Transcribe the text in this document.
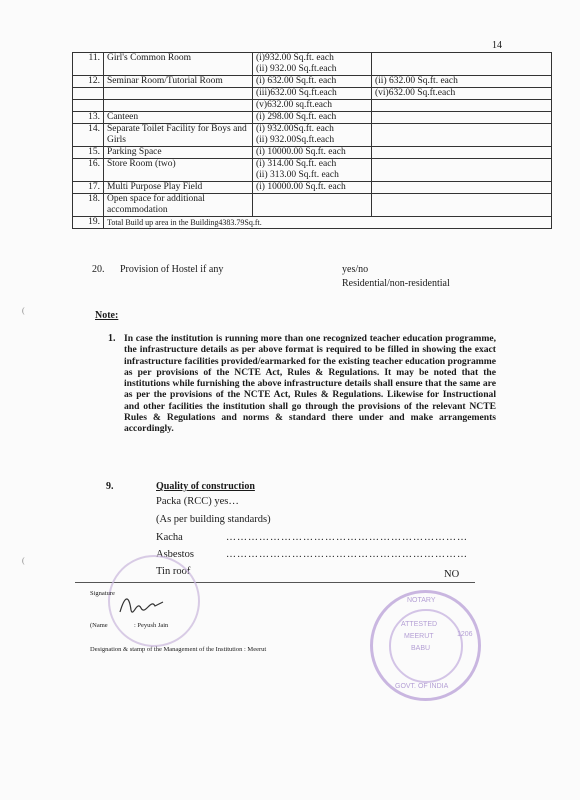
14
11.	Girl's Common Room	(i)932.00 Sq.ft. each
(ii) 932.00 Sq.ft.each	

12.	Seminar Room/Tutorial Room	(i) 632.00 Sq.ft. each	(ii) 632.00 Sq.ft. each

		(iii)632.00 Sq.ft.each	(vi)632.00 Sq.ft.each

		(v)632.00 sq.ft.each	

13.	Canteen	(i) 298.00 Sq.ft. each	

14.	Separate Toilet Facility for Boys and Girls	(i) 932.00Sq.ft. each
(ii) 932.00Sq.ft.each	

15.	Parking Space	(i) 10000.00 Sq.ft. each	

16.	Store Room (two)	(i) 314.00 Sq.ft. each
(ii) 313.00 Sq.ft. each	

17.	Multi Purpose Play Field	(i) 10000.00 Sq.ft. each	

18.	Open space for additional accommodation	

19.	Total Build up area in the Building4383.79Sq.ft.		
20. Provision of Hostel if any	yes/no
Residential/non-residential
Note:
1. In case the institution is running more than one recognized teacher education programme, the infrastructure details as per above format is required to be filled in showing the exact infrastructure facilities provided/earmarked for the existing teacher education programme as per provisions of the NCTE Act, Rules & Regulations. It may be noted that the institutions while furnishing the above infrastructure details shall ensure that the same are as per the provisions of the NCTE Act, Rules & Regulations. Likewise for Instructional and other facilities the institution shall go through the provisions of the relevant NCTE Rules & Regulations and norms & standard there under and make arrangements accordingly.
9.	Quality of construction
Packa (RCC) yes…
(As per building standards)
Kacha	…………………………………………………………
Asbestos	…………………………………………………………
Tin roof	NO
Signature
(Name	: Peyush Jain
Designation & stamp of the Management of the Institution : Meerut
NOTARY
1206
ATTESTED
MEERUT
BABU
GOVT. OF INDIA
(
(
